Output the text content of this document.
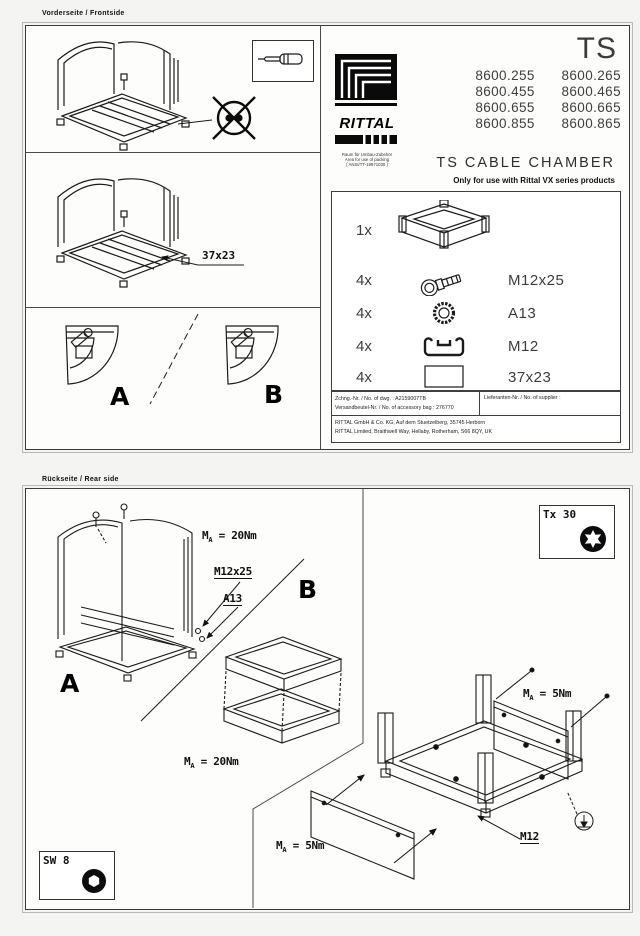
Vorderseite / Frontside
37x23
A	B
RITTAL
Raum für Umbau-Zubehör
Area for use of packing
( ANSI/TT-19971030 )
TS
8600.255 8600.265
8600.455 8600.465
8600.655 8600.665
8600.855 8600.865
TS CABLE CHAMBER
Only for use with Rittal VX series products
1x
4x	M12x25
4x	A13
4x	M12
4x	37x23
Zchng.-Nr. / No. of dwg. : A2159007TB
Versandbeutel-Nr. / No. of accessory bag : 276770
Lieferanten-Nr. / No. of supplier :
RITTAL GmbH & Co. KG, Auf dem Stuetzelberg, 35745 Herborn
RITTAL Limited, Braithwell Way, Hellaby, Rotherham, S66 8QY, UK
Rückseite / Rear side
A
B
$M_A = 20Nm$
M12x25
A13
$M_A = 20Nm$
$M_A = 5Nm$
$M_A = 5Nm$
M12
Tx 30
SW 8
